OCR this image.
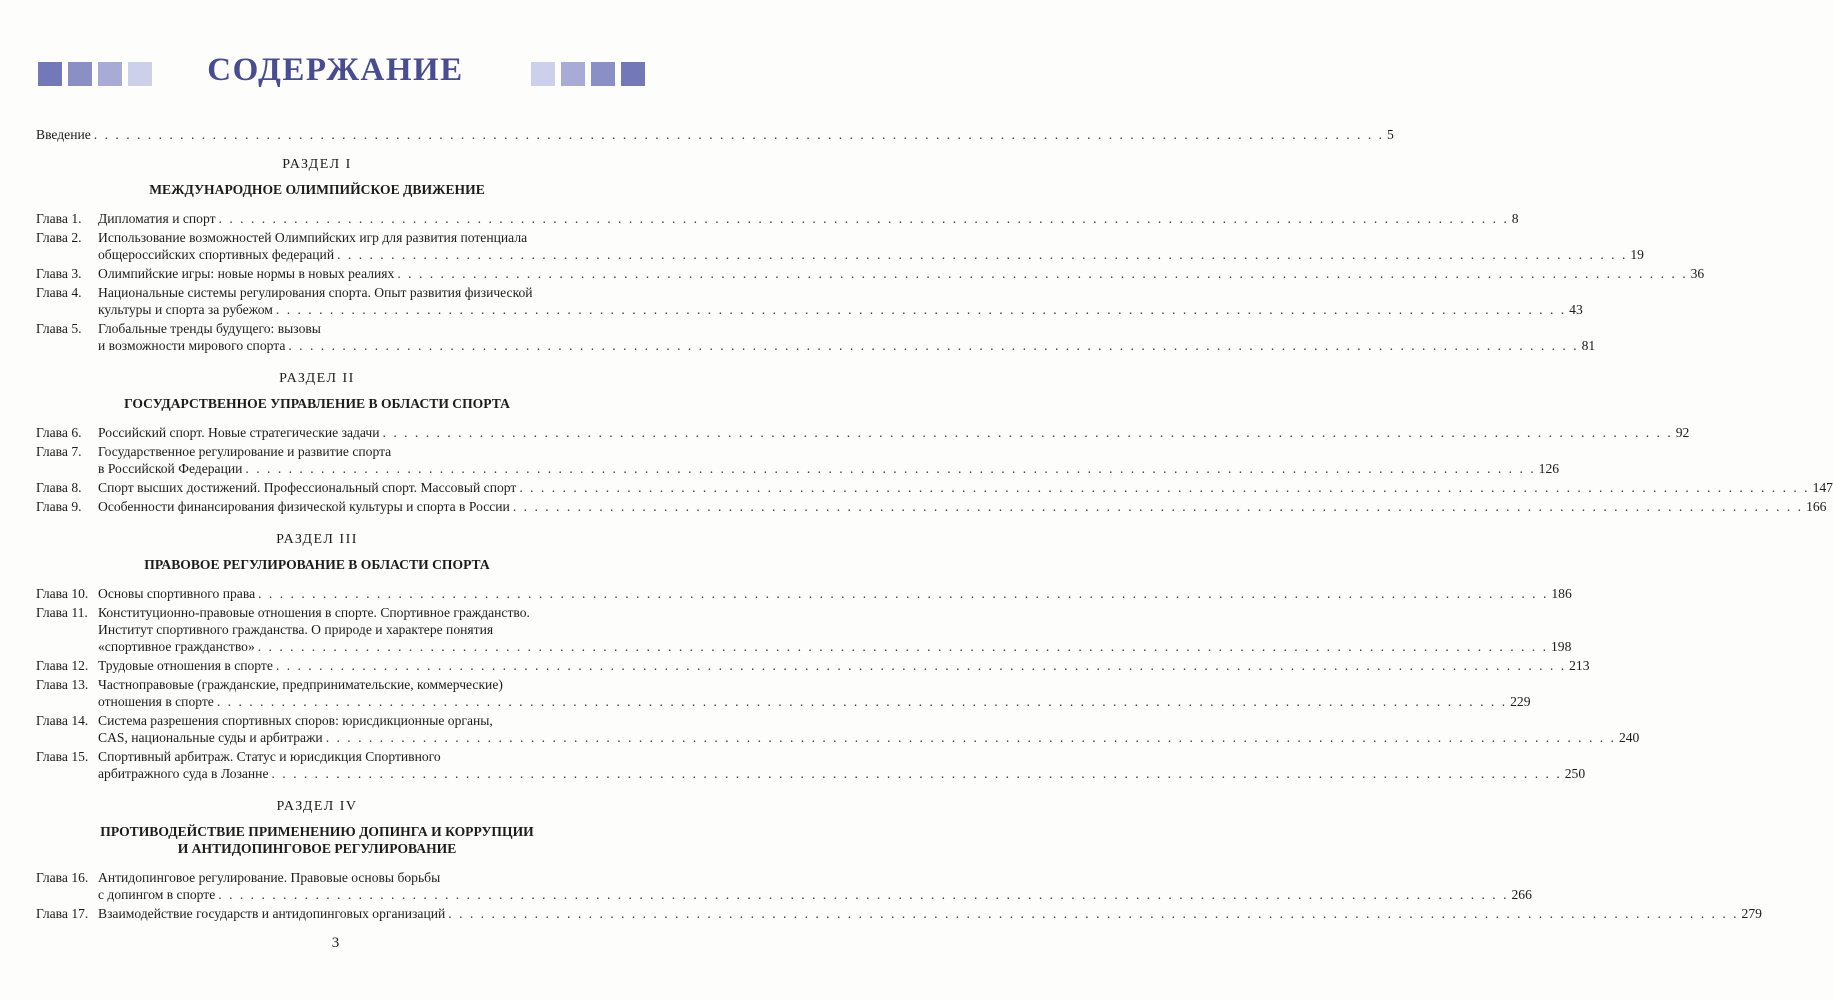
СОДЕРЖАНИЕ
Введение . . . . . . . . . . . . . . . . . . . . . . . . . . . . . . . . . . . . . . . . . . . . . . . . . . . . . . . . . . . . . . . . . . . . . . . . . . . . . . . . . . . . . . . . . . . . . . . . . . . . . . . . . . . . . . . . . . . . . . . . 5
РАЗДЕЛ I
МЕЖДУНАРОДНОЕ ОЛИМПИЙСКОЕ ДВИЖЕНИЕ
Глава 1.	Дипломатия и спорт . . . . . . . . . . . . . . . . . . . . . . . . . . . . . . . . . . . . . . . . . . . . . . . . . . . . . . . . . . . . . . . . . . . . . . . . . . . . . . . . . . . . . . . . . . . . . . . . . . . . . . . . . . . . . . . . . . . . . . . . 8
Глава 2.	Использование возможностей Олимпийских игр для развития потенциала
общероссийских спортивных федераций . . . . . . . . . . . . . . . . . . . . . . . . . . . . . . . . . . . . . . . . . . . . . . . . . . . . . . . . . . . . . . . . . . . . . . . . . . . . . . . . . . . . . . . . . . . . . . . . . . . . . . . . . . . . . . . . . . . . . . . . 19
Глава 3.	Олимпийские игры: новые нормы в новых реалиях . . . . . . . . . . . . . . . . . . . . . . . . . . . . . . . . . . . . . . . . . . . . . . . . . . . . . . . . . . . . . . . . . . . . . . . . . . . . . . . . . . . . . . . . . . . . . . . . . . . . . . . . . . . . . . . . . . . . . . . . 36
Глава 4.	Национальные системы регулирования спорта. Опыт развития физической
культуры и спорта за рубежом . . . . . . . . . . . . . . . . . . . . . . . . . . . . . . . . . . . . . . . . . . . . . . . . . . . . . . . . . . . . . . . . . . . . . . . . . . . . . . . . . . . . . . . . . . . . . . . . . . . . . . . . . . . . . . . . . . . . . . . . 43
Глава 5.	Глобальные тренды будущего: вызовы
и возможности мирового спорта . . . . . . . . . . . . . . . . . . . . . . . . . . . . . . . . . . . . . . . . . . . . . . . . . . . . . . . . . . . . . . . . . . . . . . . . . . . . . . . . . . . . . . . . . . . . . . . . . . . . . . . . . . . . . . . . . . . . . . . . 81
РАЗДЕЛ II
ГОСУДАРСТВЕННОЕ УПРАВЛЕНИЕ В ОБЛАСТИ СПОРТА
Глава 6.	Российский спорт. Новые стратегические задачи . . . . . . . . . . . . . . . . . . . . . . . . . . . . . . . . . . . . . . . . . . . . . . . . . . . . . . . . . . . . . . . . . . . . . . . . . . . . . . . . . . . . . . . . . . . . . . . . . . . . . . . . . . . . . . . . . . . . . . . . 92
Глава 7.	Государственное регулирование и развитие спорта
в Российской Федерации . . . . . . . . . . . . . . . . . . . . . . . . . . . . . . . . . . . . . . . . . . . . . . . . . . . . . . . . . . . . . . . . . . . . . . . . . . . . . . . . . . . . . . . . . . . . . . . . . . . . . . . . . . . . . . . . . . . . . . . . 126
Глава 8.	Спорт высших достижений. Профессиональный спорт. Массовый спорт . . . . . . . . . . . . . . . . . . . . . . . . . . . . . . . . . . . . . . . . . . . . . . . . . . . . . . . . . . . . . . . . . . . . . . . . . . . . . . . . . . . . . . . . . . . . . . . . . . . . . . . . . . . . . . . . . . . . . . . . 147
Глава 9.	Особенности финансирования физической культуры и спорта в России . . . . . . . . . . . . . . . . . . . . . . . . . . . . . . . . . . . . . . . . . . . . . . . . . . . . . . . . . . . . . . . . . . . . . . . . . . . . . . . . . . . . . . . . . . . . . . . . . . . . . . . . . . . . . . . . . . . . . . . . 166
РАЗДЕЛ III
ПРАВОВОЕ РЕГУЛИРОВАНИЕ В ОБЛАСТИ СПОРТА
Глава 10. Основы спортивного права . . . . . . . . . . . . . . . . . . . . . . . . . . . . . . . . . . . . . . . . . . . . . . . . . . . . . . . . . . . . . . . . . . . . . . . . . . . . . . . . . . . . . . . . . . . . . . . . . . . . . . . . . . . . . . . . . . . . . . . . 186
Глава 11. Конституционно-правовые отношения в спорте. Спортивное гражданство.
Институт спортивного гражданства. О природе и характере понятия
«спортивное гражданство» . . . . . . . . . . . . . . . . . . . . . . . . . . . . . . . . . . . . . . . . . . . . . . . . . . . . . . . . . . . . . . . . . . . . . . . . . . . . . . . . . . . . . . . . . . . . . . . . . . . . . . . . . . . . . . . . . . . . . . . . 198
Глава 12. Трудовые отношения в спорте . . . . . . . . . . . . . . . . . . . . . . . . . . . . . . . . . . . . . . . . . . . . . . . . . . . . . . . . . . . . . . . . . . . . . . . . . . . . . . . . . . . . . . . . . . . . . . . . . . . . . . . . . . . . . . . . . . . . . . . . 213
Глава 13. Частноправовые (гражданские, предпринимательские, коммерческие)
отношения в спорте . . . . . . . . . . . . . . . . . . . . . . . . . . . . . . . . . . . . . . . . . . . . . . . . . . . . . . . . . . . . . . . . . . . . . . . . . . . . . . . . . . . . . . . . . . . . . . . . . . . . . . . . . . . . . . . . . . . . . . . . 229
Глава 14. Система разрешения спортивных споров: юрисдикционные органы,
CAS, национальные суды и арбитражи . . . . . . . . . . . . . . . . . . . . . . . . . . . . . . . . . . . . . . . . . . . . . . . . . . . . . . . . . . . . . . . . . . . . . . . . . . . . . . . . . . . . . . . . . . . . . . . . . . . . . . . . . . . . . . . . . . . . . . . . 240
Глава 15. Спортивный арбитраж. Статус и юрисдикция Спортивного
арбитражного суда в Лозанне . . . . . . . . . . . . . . . . . . . . . . . . . . . . . . . . . . . . . . . . . . . . . . . . . . . . . . . . . . . . . . . . . . . . . . . . . . . . . . . . . . . . . . . . . . . . . . . . . . . . . . . . . . . . . . . . . . . . . . . . 250
РАЗДЕЛ IV
ПРОТИВОДЕЙСТВИЕ ПРИМЕНЕНИЮ ДОПИНГА И КОРРУПЦИИ
И АНТИДОПИНГОВОЕ РЕГУЛИРОВАНИЕ
Глава 16. Антидопинговое регулирование. Правовые основы борьбы
с допингом в спорте . . . . . . . . . . . . . . . . . . . . . . . . . . . . . . . . . . . . . . . . . . . . . . . . . . . . . . . . . . . . . . . . . . . . . . . . . . . . . . . . . . . . . . . . . . . . . . . . . . . . . . . . . . . . . . . . . . . . . . . . 266
Глава 17. Взаимодействие государств и антидопинговых организаций . . . . . . . . . . . . . . . . . . . . . . . . . . . . . . . . . . . . . . . . . . . . . . . . . . . . . . . . . . . . . . . . . . . . . . . . . . . . . . . . . . . . . . . . . . . . . . . . . . . . . . . . . . . . . . . . . . . . . . . . 279
3
